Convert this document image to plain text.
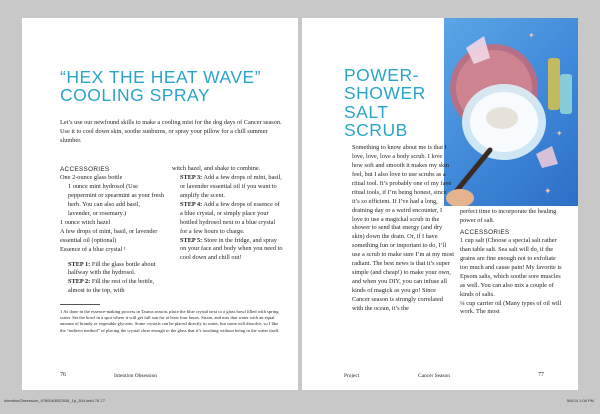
“HEX THE HEAT WAVE” COOLING SPRAY

Let’s use our newfound skills to make a cooling mist for the dog days of Cancer season. Use it to cool down skin, soothe sunburns, or spray your pillow for a chill summer slumber.

ACCESSORIES

One 2-ounce glass bottle

1 ounce mint hydrosol (Use peppermint or spearmint as your fresh herb. You can also add basil, lavender, or rosemary.)

1 ounce witch hazel

A few drops of mint, basil, or lavender essential oil (optional)

Essence of a blue crystal ¹

STEP 1: Fill the glass bottle about halfway with the hydrosol.

STEP 2: Fill the rest of the bottle, almost to the top, with

witch hazel, and shake to combine.

STEP 3: Add a few drops of mint, basil, or lavender essential oil if you want to amplify the scent.

STEP 4: Add a few drops of essence of a blue crystal, or simply place your bottled hydrosol next to a blue crystal for a few hours to charge.

STEP 5: Store in the fridge, and spray on your face and body when you need to cool down and chill out!

1 As done in the essence-making process in Taurus season, place the blue crystal next to a glass bowl filled with spring water. Set the bowl in a spot where it will get full sun for at least four hours. Strain, and mix that water with an equal amount of brandy or vegetable glycerin. Some crystals can be placed directly in water, but some will dissolve, so I like the “indirect method” of placing the crystal close enough to the glass that it’s touching without being in the water itself.

76	Intention Obsession

✦
✦
✦
POWER-SHOWER SALT SCRUB

Something to know about me is that I love, love, love a body scrub. I love how soft and smooth it makes my skin feel, but I also love to use scrubs as a ritual tool. It’s probably one of my fave ritual tools, if I’m being honest, since it’s so efficient. If I’ve had a long, draining day or a weird encounter, I love to use a magickal scrub in the shower to send that energy (and dry skin) down the drain. Or, if I have something fun or important to do, I’ll use a scrub to make sure I’m at my most radiant. The best news is that it’s super simple (and cheap!) to make your own, and when you DIY, you can infuse all kinds of magick as you go! Since Cancer season is strongly correlated with the ocean, it’s the

perfect time to incorporate the healing power of salt.

ACCESSORIES

1 cup salt (Choose a special salt rather than table salt. Sea salt will do, if the grains are fine enough not to exfoliate too much and cause pain! My favorite is Epsom salts, which soothe sore muscles as well. You can also mix a couple of kinds of salts.

¼ cup carrier oil (Many types of oil will work. The most

Project	Cancer Season	77

IntentionObsession_9780063052536_1p_304.indd 76-77	5/6/24 1:06 PM
